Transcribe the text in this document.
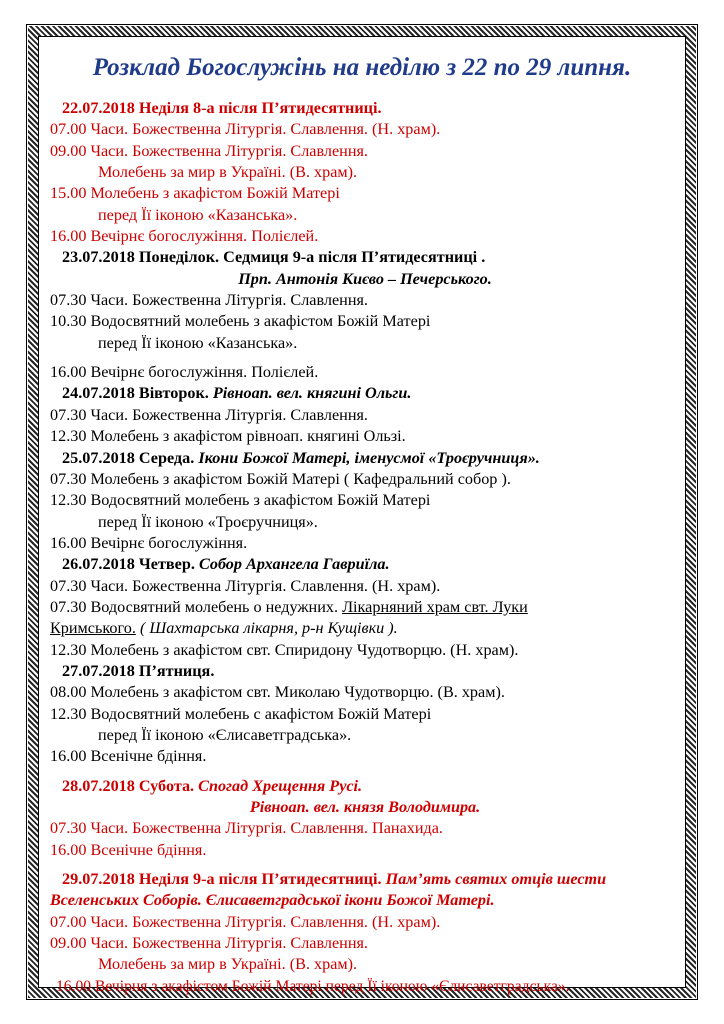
Розклад Богослужінь на неділю з 22 по 29 липня.
22.07.2018 Неділя 8-а після П’ятидесятниці.
07.00 Часи. Божественна Літургія. Славлення. (Н. храм).
09.00 Часи. Божественна Літургія. Славлення.
Молебень за мир в Україні. (В. храм).
15.00 Молебень з акафістом Божій Матері
перед Її іконою «Казанська».
16.00 Вечірнє богослужіння. Полієлей.
23.07.2018 Понеділок. Седмиця 9-а після П’ятидесятниці .
Прп. Антонія Києво – Печерського.
07.30 Часи. Божественна Літургія. Славлення.
10.30 Водосвятний молебень з акафістом Божій Матері
перед Її іконою «Казанська».
16.00 Вечірнє богослужіння. Полієлей.
24.07.2018 Вівторок. Рівноап. вел. княгині Ольги.
07.30 Часи. Божественна Літургія. Славлення.
12.30 Молебень з акафістом рівноап. княгині Ользі.
25.07.2018 Середа. Ікони Божої Матері, іменусмої «Троєручниця».
07.30 Молебень з акафістом Божій Матері ( Кафедральний собор ).
12.30 Водосвятний молебень з акафістом Божій Матері
перед Її іконою «Троєручниця».
16.00 Вечірнє богослужіння.
26.07.2018 Четвер. Собор Архангела Гавриїла.
07.30 Часи. Божественна Літургія. Славлення. (Н. храм).
07.30 Водосвятний молебень о недужних. Лікарняний храм свт. Луки
Кримського. ( Шахтарська лікарня, р-н Кущівки ).
12.30 Молебень з акафістом свт. Спиридону Чудотворцю. (Н. храм).
27.07.2018 П’ятниця.
08.00 Молебень з акафістом свт. Миколаю Чудотворцю. (В. храм).
12.30 Водосвятний молебень с акафістом Божій Матері
перед Її іконою «Єлисаветградська».
16.00 Всенічне бдіння.
28.07.2018 Субота. Спогад Хрещення Русі.
Рівноап. вел. князя Володимира.
07.30 Часи. Божественна Літургія. Славлення. Панахида.
16.00 Всенічне бдіння.
29.07.2018 Неділя 9-а після П’ятидесятниці. Пам’ять святих отців шести
Вселенських Соборів. Єлисаветградської ікони Божої Матері.
07.00 Часи. Божественна Літургія. Славлення. (Н. храм).
09.00 Часи. Божественна Літургія. Славлення.
Молебень за мир в Україні. (В. храм).
16.00 Вечірня з акафістом Божій Матері перед Її іконою «Єлисаветградська».
